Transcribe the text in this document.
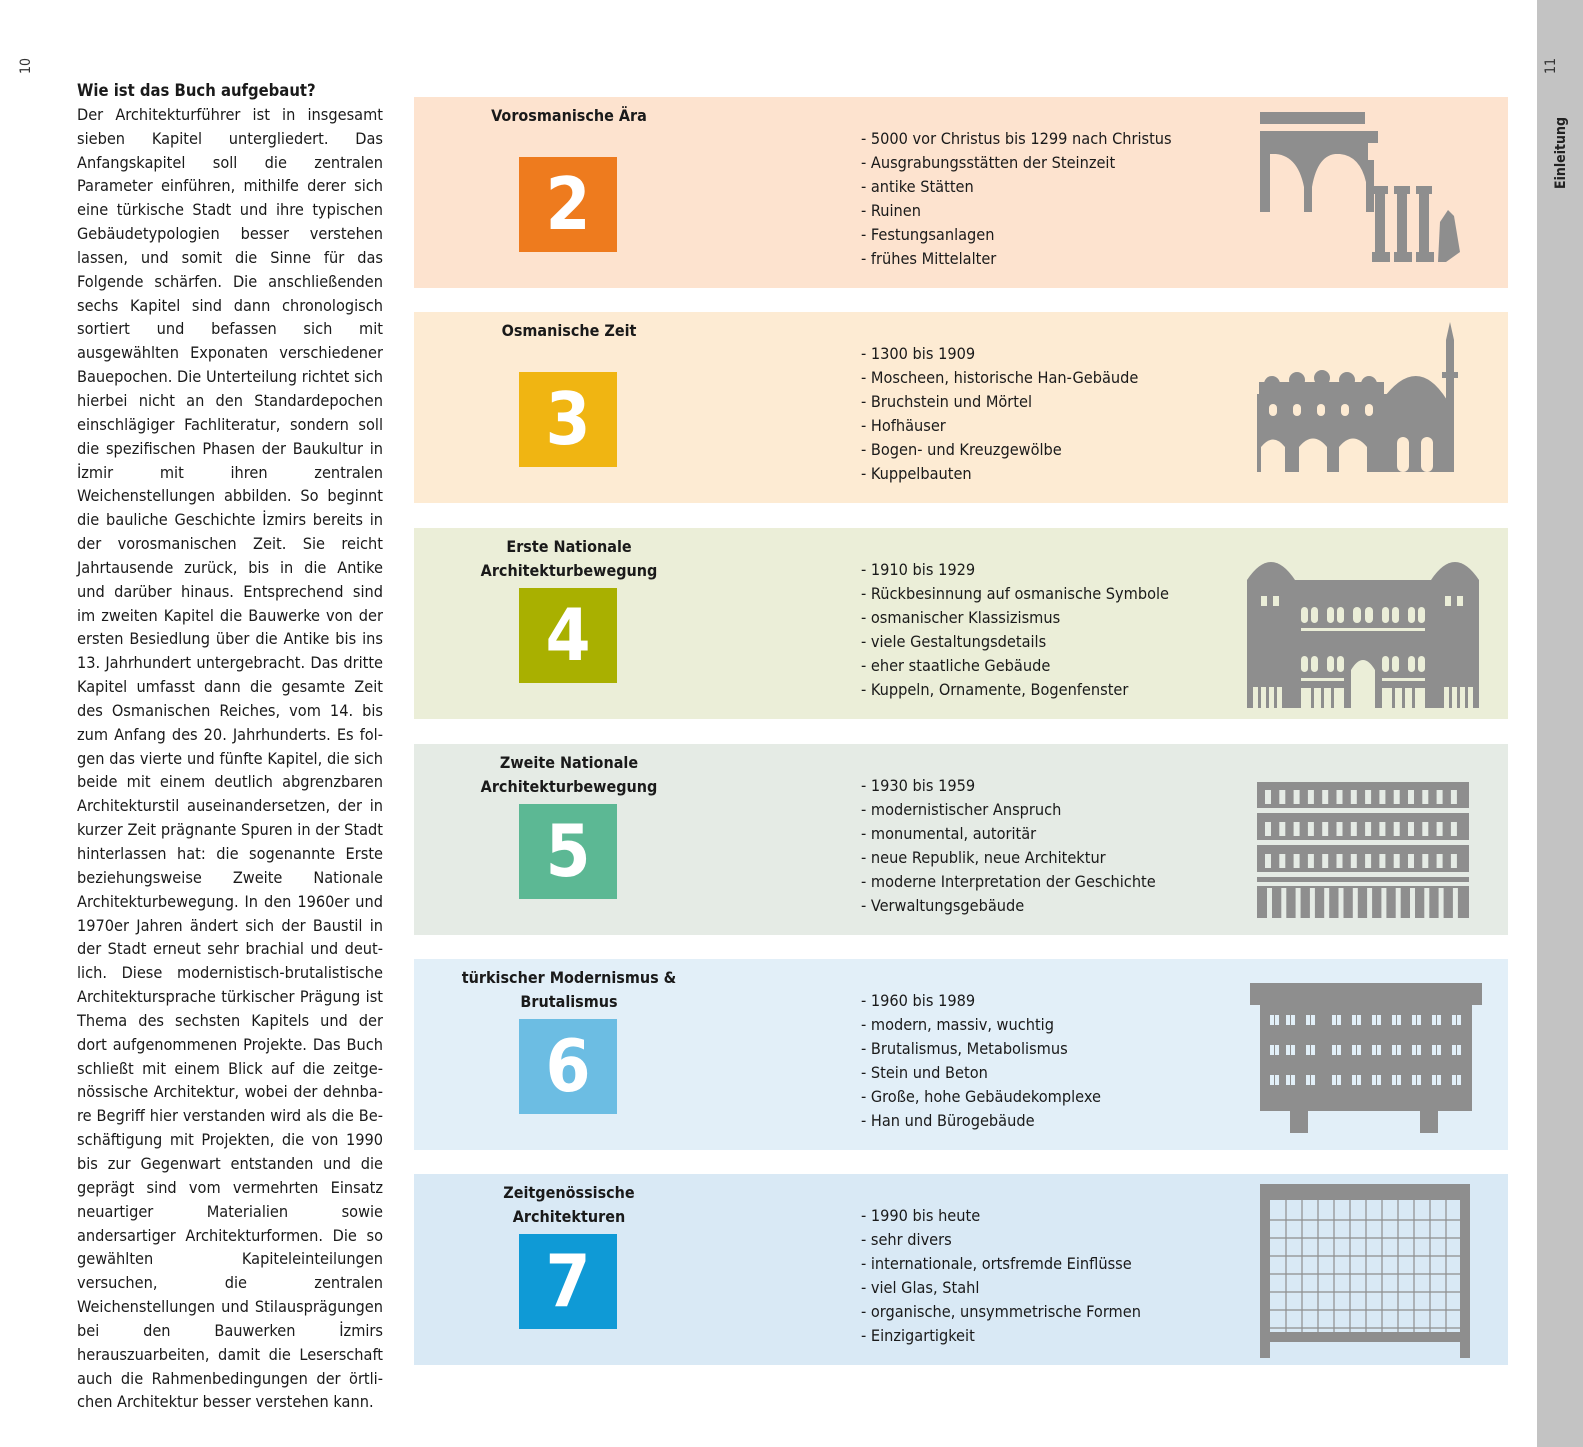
10	11
Einleitung
Wie ist das Buch aufgebaut?

Der Architekturführer ist in insgesamt sieben Kapitel untergliedert. Das Anfangskapitel soll die zentralen Parameter einführen, mithilfe derer sich eine türkische Stadt und ihre typischen Gebäudetypologien besser verstehen lassen, und somit die Sinne für das Folgende schärfen. Die anschließenden sechs Kapitel sind dann chronologisch sortiert und befassen sich mit ausgewählten Exponaten verschiedener Bauepochen. Die Unterteilung richtet sich hierbei nicht an den Standardepochen einschlägiger Fachliteratur, sondern soll die spezifischen Phasen der Baukultur in İzmir mit ihren zentralen Weichenstellungen abbilden. So beginnt die bauliche Geschichte İzmirs bereits in der vorosmanischen Zeit. Sie reicht Jahrtausende zurück, bis in die Antike und darüber hinaus. Entsprechend sind im zweiten Kapitel die Bauwerke von der ersten Besiedlung über die Antike bis ins 13. Jahrhundert untergebracht. Das dritte Kapitel umfasst dann die gesamte Zeit des Osmanischen Reiches, vom 14. bis zum Anfang des 20. Jahrhunderts. Es folgen das vierte und fünfte Kapitel, die sich beide mit einem deutlich abgrenzbaren Architekturstil auseinandersetzen, der in kurzer Zeit prägnante Spuren in der Stadt hinterlassen hat: die sogenannte Erste beziehungsweise Zweite Nationale Architekturbewegung. In den 1960er und 1970er Jahren ändert sich der Baustil in der Stadt erneut sehr brachial und deutlich. Diese modernistisch-brutalistische Architektursprache türkischer Prägung ist Thema des sechsten Kapitels und der dort aufgenommenen Projekte. Das Buch schließt mit einem Blick auf die zeitgenössische Architektur, wobei der dehnbare Begriff hier verstanden wird als die Beschäftigung mit Projekten, die von 1990 bis zur Gegenwart entstanden und die geprägt sind vom vermehrten Einsatz neuartiger Materialien sowie andersartiger Architekturformen. Die so gewählten Kapiteleinteilungen versuchen, die zentralen Weichenstellungen und Stilausprägungen bei den Bauwerken İzmirs herauszuarbeiten, damit die Leserschaft auch die Rahmenbedingungen der örtlichen Architektur besser verstehen kann.

Vorosmanische Ära
2
- 5000 vor Christus bis 1299 nach Christus
- Ausgrabungsstätten der Steinzeit
- antike Stätten
- Ruinen
- Festungsanlagen
- frühes Mittelalter
Osmanische Zeit
3
- 1300 bis 1909
- Moscheen, historische Han-Gebäude
- Bruchstein und Mörtel
- Hofhäuser
- Bogen- und Kreuzgewölbe
- Kuppelbauten
Erste Nationale Architekturbewegung
4
- 1910 bis 1929
- Rückbesinnung auf osmanische Symbole
- osmanischer Klassizismus
- viele Gestaltungsdetails
- eher staatliche Gebäude
- Kuppeln, Ornamente, Bogenfenster
Zweite Nationale Architekturbewegung
5
- 1930 bis 1959
- modernistischer Anspruch
- monumental, autoritär
- neue Republik, neue Architektur
- moderne Interpretation der Geschichte
- Verwaltungsgebäude
türkischer Modernismus & Brutalismus
6
- 1960 bis 1989
- modern, massiv, wuchtig
- Brutalismus, Metabolismus
- Stein und Beton
- Große, hohe Gebäudekomplexe
- Han und Bürogebäude
Zeitgenössische Architekturen
7
- 1990 bis heute
- sehr divers
- internationale, ortsfremde Einflüsse
- viel Glas, Stahl
- organische, unsymmetrische Formen
- Einzigartigkeit
